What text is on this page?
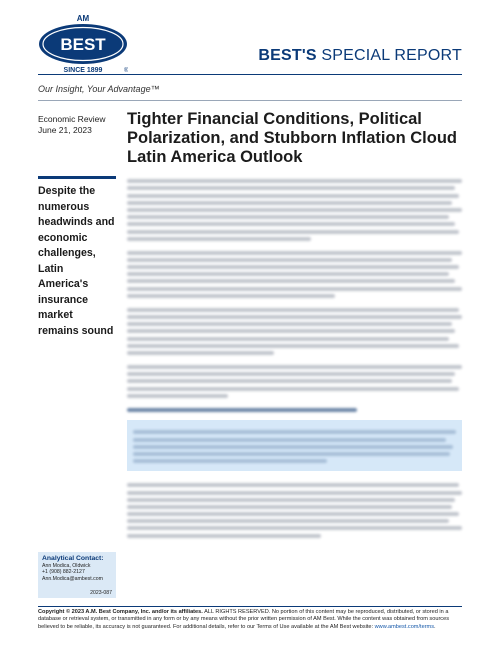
AM
BEST
SINCE 1899	®
BEST'S SPECIAL REPORT
Our Insight, Your Advantage™
Economic Review
June 21, 2023
Tighter Financial Conditions, Political Polarization, and Stubborn Inflation Cloud Latin America Outlook
Despite the numerous headwinds and economic challenges, Latin America's insurance market remains sound
Analytical Contact:
Ann Modica, Oldwick
+1 (908) 882-2127
Ann.Modica@ambest.com
2023-087
Copyright © 2023 A.M. Best Company, Inc. and/or its affiliates. ALL RIGHTS RESERVED. No portion of this content may be reproduced, distributed, or stored in a database or retrieval system, or transmitted in any form or by any means without the prior written permission of AM Best. While the content was obtained from sources believed to be reliable, its accuracy is not guaranteed. For additional details, refer to our Terms of Use available at the AM Best website: www.ambest.com/terms.
